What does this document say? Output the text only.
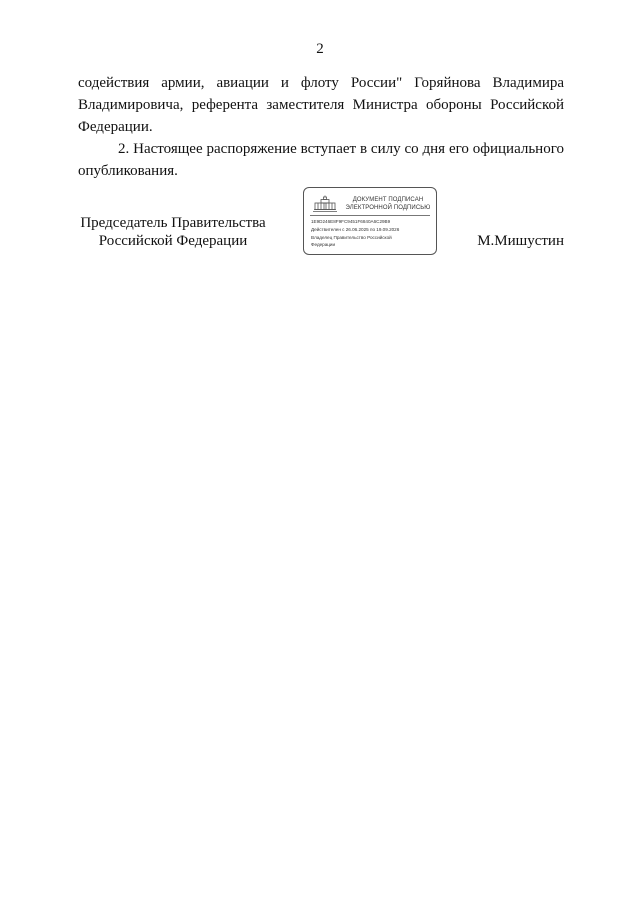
2

содействия армии, авиации и флоту России" Горяйнова Владимира Владимировича, референта заместителя Министра обороны Российской Федерации.

2. Настоящее распоряжение вступает в силу со дня его официального опубликования.

Председатель Правительства
Российской Федерации
ДОКУМЕНТ ПОДПИСАН
ЭЛЕКТРОННОЙ ПОДПИСЬЮ
1E9D246E8F9FC9451F6840A6C29B9
Действителен с 26.06.2025 по 19.09.2026
Владелец Правительство Российской
Федерации	М.Мишустин
